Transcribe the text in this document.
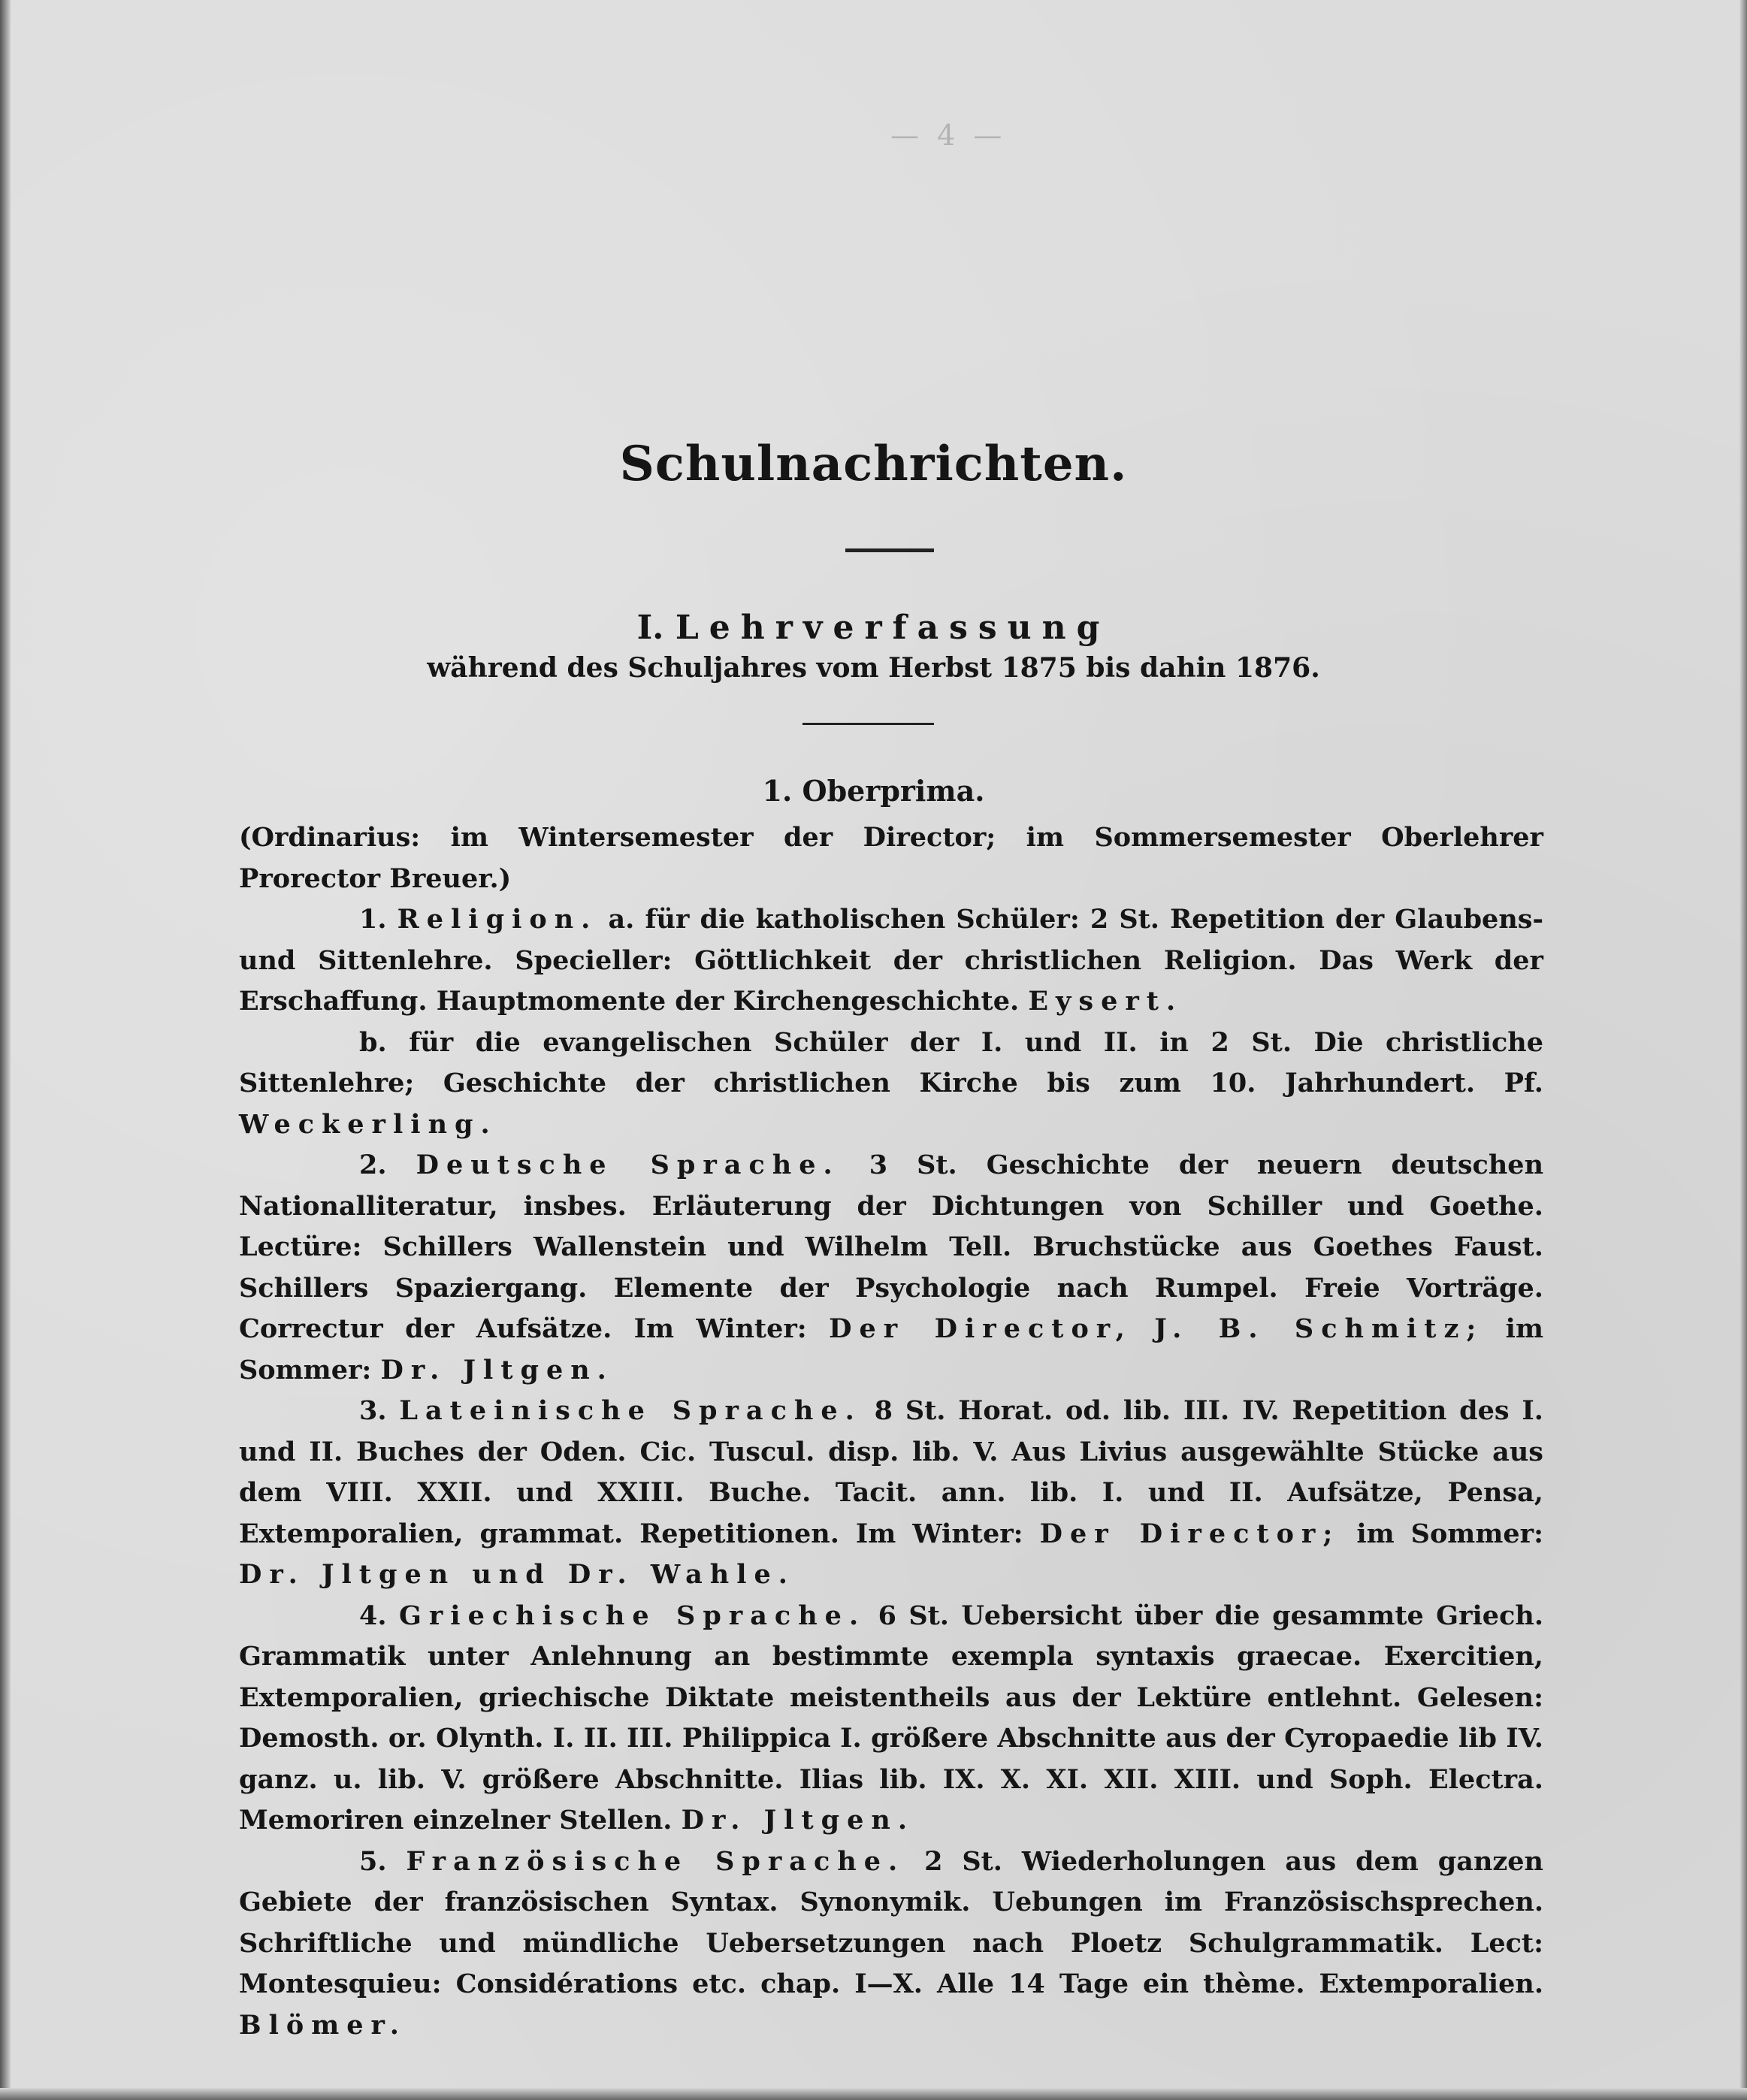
— 4 —
Schulnachrichten.
I. Lehrverfassung
während des Schuljahres vom Herbst 1875 bis dahin 1876.
1. Oberprima.

(Ordinarius: im Wintersemester der Director; im Sommersemester Oberlehrer Prorector Breuer.)

1. Religion. a. für die katholischen Schüler: 2 St. Repetition der Glaubens- und Sittenlehre. Specieller: Göttlichkeit der christlichen Religion. Das Werk der Erschaffung. Hauptmomente der Kirchengeschichte. Eysert.

b. für die evangelischen Schüler der I. und II. in 2 St. Die christliche Sittenlehre; Geschichte der christlichen Kirche bis zum 10. Jahrhundert. Pf. Weckerling.

2. Deutsche Sprache. 3 St. Geschichte der neuern deutschen Nationalliteratur, insbes. Erläuterung der Dichtungen von Schiller und Goethe. Lectüre: Schillers Wallenstein und Wilhelm Tell. Bruchstücke aus Goethes Faust. Schillers Spaziergang. Elemente der Psychologie nach Rumpel. Freie Vorträge. Correctur der Aufsätze. Im Winter: Der Director, J. B. Schmitz; im Sommer: Dr. Jltgen.

3. Lateinische Sprache. 8 St. Horat. od. lib. III. IV. Repetition des I. und II. Buches der Oden. Cic. Tuscul. disp. lib. V. Aus Livius ausgewählte Stücke aus dem VIII. XXII. und XXIII. Buche. Tacit. ann. lib. I. und II. Aufsätze, Pensa, Extemporalien, grammat. Repetitionen. Im Winter: Der Director; im Sommer: Dr. Jltgen und Dr. Wahle.

4. Griechische Sprache. 6 St. Uebersicht über die gesammte Griech. Grammatik unter Anlehnung an bestimmte exempla syntaxis graecae. Exercitien, Extemporalien, griechische Diktate meistentheils aus der Lektüre entlehnt. Gelesen: Demosth. or. Olynth. I. II. III. Philippica I. größere Abschnitte aus der Cyropaedie lib IV. ganz. u. lib. V. größere Abschnitte. Ilias lib. IX. X. XI. XII. XIII. und Soph. Electra. Memoriren einzelner Stellen. Dr. Jltgen.

5. Französische Sprache. 2 St. Wiederholungen aus dem ganzen Gebiete der französischen Syntax. Synonymik. Uebungen im Französischsprechen. Schriftliche und mündliche Uebersetzungen nach Ploetz Schulgrammatik. Lect: Montesquieu: Considérations etc. chap. I—X. Alle 14 Tage ein thème. Extemporalien. Blömer.
